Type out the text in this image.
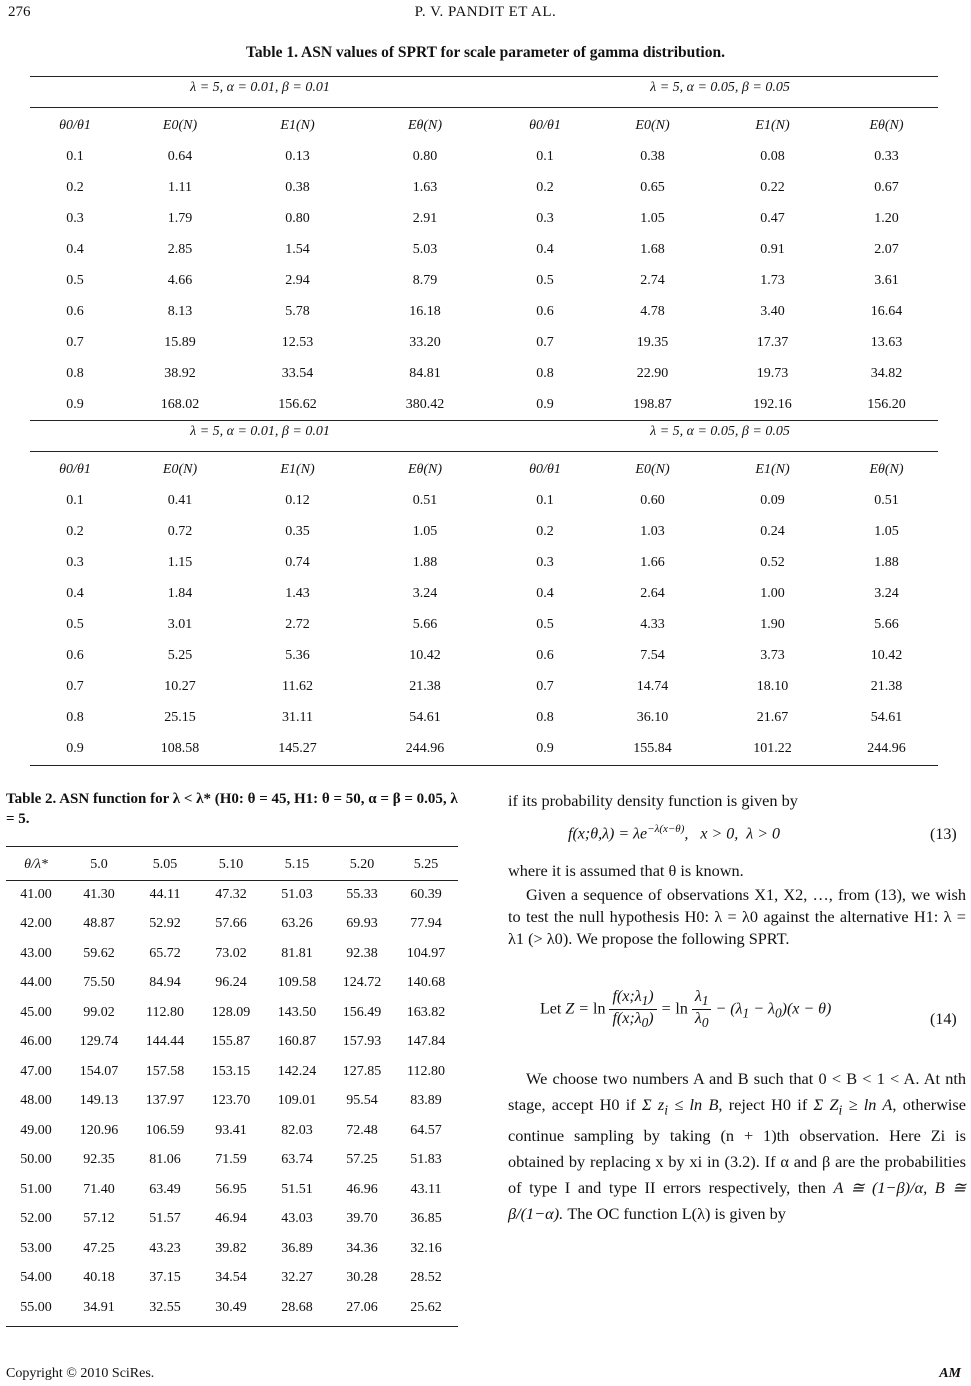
276	P. V. PANDIT ET AL.
Table 1. ASN values of SPRT for scale parameter of gamma distribution.
λ = 5, α = 0.01, β = 0.01	λ = 5, α = 0.05, β = 0.05
λ = 5, α = 0.01, β = 0.01	λ = 5, α = 0.05, β = 0.05
θ0/θ1	E0(N)	E1(N)	Eθ(N)	θ0/θ1	E0(N)	E1(N)	Eθ(N)
0.1	0.64	0.13	0.80	0.1	0.38	0.08	0.33
0.2	1.11	0.38	1.63	0.2	0.65	0.22	0.67
0.3	1.79	0.80	2.91	0.3	1.05	0.47	1.20
0.4	2.85	1.54	5.03	0.4	1.68	0.91	2.07
0.5	4.66	2.94	8.79	0.5	2.74	1.73	3.61
0.6	8.13	5.78	16.18	0.6	4.78	3.40	16.64
0.7	15.89	12.53	33.20	0.7	19.35	17.37	13.63
0.8	38.92	33.54	84.81	0.8	22.90	19.73	34.82
0.9	168.02	156.62	380.42	0.9	198.87	192.16	156.20
θ0/θ1	E0(N)	E1(N)	Eθ(N)	θ0/θ1	E0(N)	E1(N)	Eθ(N)
0.1	0.41	0.12	0.51	0.1	0.60	0.09	0.51
0.2	0.72	0.35	1.05	0.2	1.03	0.24	1.05
0.3	1.15	0.74	1.88	0.3	1.66	0.52	1.88
0.4	1.84	1.43	3.24	0.4	2.64	1.00	3.24
0.5	3.01	2.72	5.66	0.5	4.33	1.90	5.66
0.6	5.25	5.36	10.42	0.6	7.54	3.73	10.42
0.7	10.27	11.62	21.38	0.7	14.74	18.10	21.38
0.8	25.15	31.11	54.61	0.8	36.10	21.67	54.61
0.9	108.58	145.27	244.96	0.9	155.84	101.22	244.96
Table 2. ASN function for λ < λ* (H0: θ = 45, H1: θ = 50, α = β = 0.05, λ = 5.
θ/λ*	5.0	5.05	5.10	5.15	5.20	5.25
41.00	41.30	44.11	47.32	51.03	55.33	60.39
42.00	48.87	52.92	57.66	63.26	69.93	77.94
43.00	59.62	65.72	73.02	81.81	92.38	104.97
44.00	75.50	84.94	96.24	109.58	124.72	140.68
45.00	99.02	112.80	128.09	143.50	156.49	163.82
46.00	129.74	144.44	155.87	160.87	157.93	147.84
47.00	154.07	157.58	153.15	142.24	127.85	112.80
48.00	149.13	137.97	123.70	109.01	95.54	83.89
49.00	120.96	106.59	93.41	82.03	72.48	64.57
50.00	92.35	81.06	71.59	63.74	57.25	51.83
51.00	71.40	63.49	56.95	51.51	46.96	43.11
52.00	57.12	51.57	46.94	43.03	39.70	36.85
53.00	47.25	43.23	39.82	36.89	34.36	32.16
54.00	40.18	37.15	34.54	32.27	30.28	28.52
55.00	34.91	32.55	30.49	28.68	27.06	25.62
if its probability density function is given by
f(x;θ,λ) = $\lambda e^{-\lambda(x-\theta)}$,   x > 0,  λ > 0	(13)
where it is assumed that θ is known.
Given a sequence of observations X1, X2, …, from (13), we wish to test the null hypothesis H0: λ = λ0 against the alternative H1: λ = λ1 (> λ0). We propose the following SPRT.
Let $Z = \ln \frac{f(x;\lambda_1)}{f(x;\lambda_0)} = \ln \frac{\lambda_1}{\lambda_0} - (\lambda_1 - \lambda_0)(x - \theta)$
(14)
We choose two numbers A and B such that 0 < B < 1 < A. At nth stage, accept H0 if Σ $z_i \le \ln B$, reject H0 if Σ $Z_i \ge \ln A$, otherwise continue sampling by taking (n + 1)th observation. Here Zi is obtained by replacing x by xi in (3.2). If α and β are the probabilities of type I and type II errors respectively, then A ≅ (1−β)/α, B ≅ β/(1−α). The OC function L(λ) is given by
Copyright © 2010 SciRes.	AM
